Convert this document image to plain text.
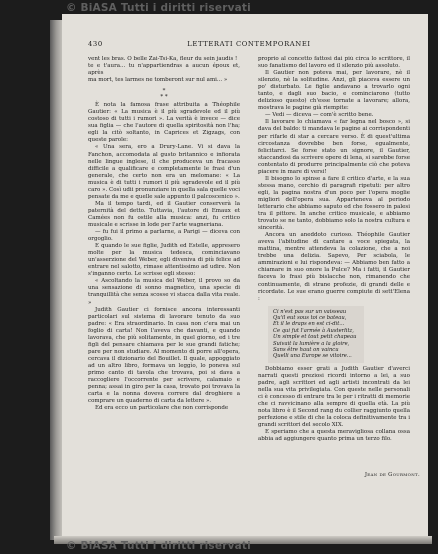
© BiASA Tutti i diritti riservati
© BiASA Tutti i diritti riservati
430	LETTERATI CONTEMPORANEI

vent les bras. O belle Zai-Tsi-Ka, fleur du sein jaudis !

te e t'aura... tu n'appartiendras a aucun époux et, après

ma mort, tes larmes ne tomberont sur nul ami... »

*
* *

È nota la famosa frase attribuita a Théophile Gautier: « La musica è il più sgradevole ed il più costoso di tutti i rumori ». La verità è invece — dice sua figlia — che l'autore di quella spiritosità non l'ha; egli la citò soltanto, in Caprices et Zigzags, con queste parole:

« Una sera, ero a Drury-Lane. Vi si dava la Fanchon, accomodata al gusto britannico e infiorata nelle lingue inglese, il che produceva un fracasso difficile a qualificare e completamente le frasi d'un generale, che certo non era un melomane: « La musica è di tutti i rumori il più sgradevole ed il più caro ». Così udii pronunziare in quella sala quelle voci pensate da me e quelle sale appunto il palcoscenico ».

Ma il tempo tardi, ed il Gautier conserverà la paternità del detto. Tuttavia, l'autore di Emaux et Camées non fu ostile alla musica: anzi, fu critico musicale e scrisse in lode per l'arte wagneriana.

— fu fui il primo a parlarne, a Parigi — diceva con orgoglio.

E quando le sue figlie, Judith ed Estelle, appresero molte per la musica tedesca, cominciavano un'asserzione del Weber, egli diveniva di più felice ad entrare nel salotto, rimase attentissimo ad udire. Non s'inganno certo. Le scrisse egli stesso:

« Ascoltando la musica del Weber, il provo so da una sensazione di sonno magnetico, una specie di tranquillità che senza scosse vi stacca dalla vita reale. »

Judith Gautier ci fornisce ancora interessanti particolari sul sistema di lavorare tenuto da suo padre: « Era straordinario. In casa non c'era mai un foglio di carta! Non l'aveva che davanti, e quando lavorava, che più solitamente, in quel giorno, ed i tre figli del pensare chiamava per le sue grandi fatiche; pare per non studiare. Al momento di porre all'opera, cercava il dizionario del Bouillet. Il quale, appoggiato ad un altro libro, formava un leggìo, lo poneva sul primo canto di tavola che trovava, poi si dava a raccogliere l'occorrente per scrivere, calamaio e penna; assai in giro per la casa, trovato poi trovava la carta e la nonna doveva correre dal droghiere a comprare un quaderno di carta da lettere ».

Ed era ecco un particolare che non corrisponde

proprio al concetto fattosi dai più circa lo scrittore, il suo fanatismo del lavoro ed il silenzio più assoluto.

Il Gautier non poteva mai, per lavorare, nè il silenzio, nè la solitudine. Anzi, gli piaceva essere un po' disturbato. Le figlie andavano a trovarlo ogni tanto, e dagli suo bacio, e cominciarono (tutto delizioso questo) ch'esse tornate a lavorare; allora, mostrava le pagine già riempite:

— Vedi — diceva — com'è scritto bene.

Il lavorare lo chiamava « far legna nel bosco », si dava del baldo: ti mandava le pagine ai corrispondenti per rifarle di star a cercare verso. È di quest'ultima circostanza dovrebbe ben forse, egualmente, felicitarci. Se forse stato un signore, il Gautier, staccandosi da scrivere opere di lena, si sarebbe forse contentato di produrre principalmente ciò che poteva piacere in mare di versi!

Il bisogno lo spinse a fare il critico d'arte, e la sua stessa mano, cerchio di paragrafi ripetuti: per altro egli, la pagina nostra d'un poco per l'opera moglie migliori dell'opera sua. Apparteneva al periodo letterario che abbiamo saputo ed che fossero in palesi tra il pittore. In anche critico musicale, e abbiamo trovato se ne tanto, dobbiamo solo la nostra cultura e sincerità.

Ancora un aneddoto curioso. Théophile Gautier aveva l'abitudine di cantare a voce spiegata, la mattina, mentre attendeva la colazione, che a noi trebbe una delizia. Sapevo, Per sciabola, le ammirazioni e lui rispondeva: — Abbiamo ben fatto a chiamare in suo onore la Pulce? Ma i fatti, il Gautier faceva lo frasi più bislacche non, rimanendo che continuamente, di strane profezie, di grandi delle e ricordate. Le sue erano guerre compiute di sett'Elena :

Ci n'est pas sur un vaisseau
Qu'il eut sous toi ce bateau,
Et il le draps en est ci-dit...
Ce qui fut l'armée à Austerlitz,
Un simple et tout petit chapeau
Suivait la lumière a la gloire,
Sans être haut on vaincu
Quelli una Europe se vitoire...

Dobbiamo esser grati a Judith Gautier d'averci narrati questi preziosi ricordi intorno a lei, a suo padre, agli scrittori ed agli artisti incontrati da lei nella sua vita privilegiata. Con queste nelle personali ci è concesso di entrare tra le per i ritratti di memorie che ci ravvicinano alla sempre di quella età. La più nota libro è il Second rang du collier raggiunto quella perfezione e stile di che la coloca definitivamente tra i grandi scrittori del secolo XIX.

E speriamo che a questa meravigliosa collana ossa abbia ad aggiungere quanto prima un terzo filo.

Jean de Gourmont.
